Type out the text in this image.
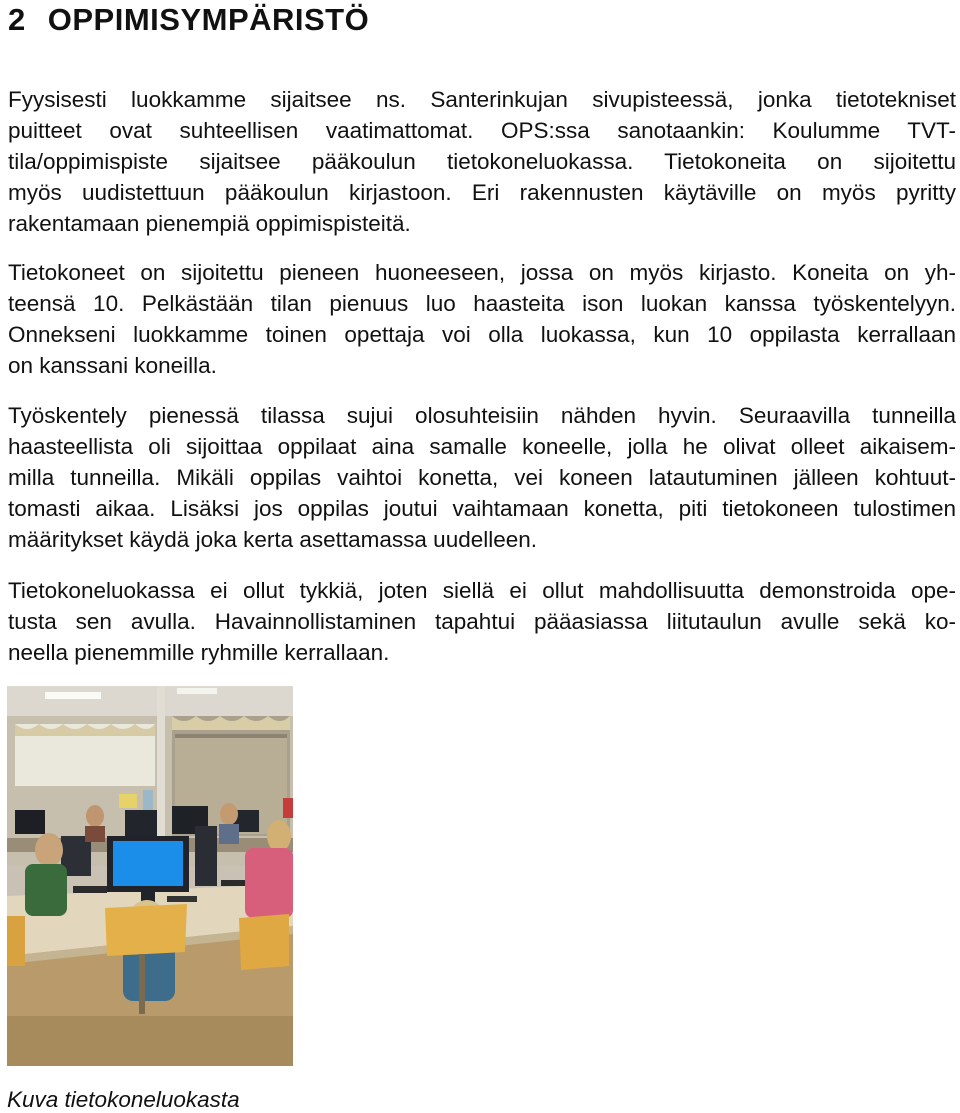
2 OPPIMISYMPÄRISTÖ
Fyysisesti luokkamme sijaitsee ns. Santerinkujan sivupisteessä, jonka tietotekniset
puitteet ovat suhteellisen vaatimattomat. OPS:ssa sanotaankin: Koulumme TVT-
tila/oppimispiste sijaitsee pääkoulun tietokoneluokassa. Tietokoneita on sijoitettu
myös uudistettuun pääkoulun kirjastoon. Eri rakennusten käytäville on myös pyritty
rakentamaan pienempiä oppimispisteitä.
Tietokoneet on sijoitettu pieneen huoneeseen, jossa on myös kirjasto. Koneita on yh-
teensä 10. Pelkästään tilan pienuus luo haasteita ison luokan kanssa työskentelyyn.
Onnekseni luokkamme toinen opettaja voi olla luokassa, kun 10 oppilasta kerrallaan
on kanssani koneilla.
Työskentely pienessä tilassa sujui olosuhteisiin nähden hyvin. Seuraavilla tunneilla
haasteellista oli sijoittaa oppilaat aina samalle koneelle, jolla he olivat olleet aikaisem-
milla tunneilla. Mikäli oppilas vaihtoi konetta, vei koneen latautuminen jälleen kohtuut-
tomasti aikaa. Lisäksi jos oppilas joutui vaihtamaan konetta, piti tietokoneen tulostimen
määritykset käydä joka kerta asettamassa uudelleen.
Tietokoneluokassa ei ollut tykkiä, joten siellä ei ollut mahdollisuutta demonstroida ope-
tusta sen avulla. Havainnollistaminen tapahtui pääasiassa liitutaulun avulle sekä ko-
neella pienemmille ryhmille kerrallaan.
Kuva tietokoneluokasta
